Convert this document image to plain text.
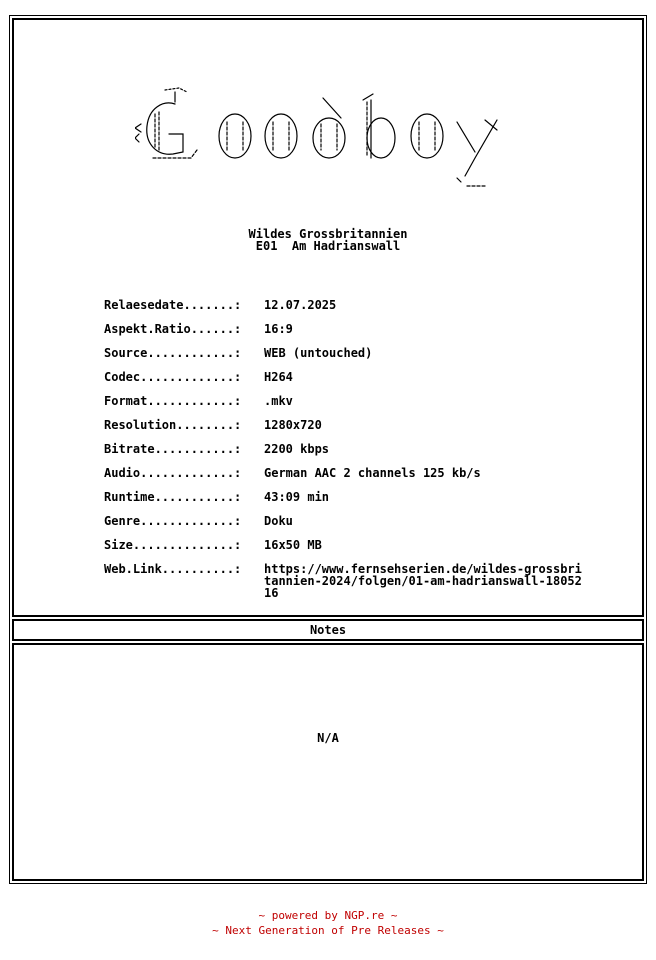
Wildes Grossbritannien
E01  Am Hadrianswall
Relaesedate.......:	12.07.2025
Aspekt.Ratio......:	16:9
Source............:	WEB (untouched)
Codec.............:	H264
Format............:	.mkv
Resolution........:	1280x720
Bitrate...........:	2200 kbps
Audio.............:	German AAC 2 channels 125 kb/s
Runtime...........:	43:09 min
Genre.............:	Doku
Size..............:	16x50 MB
Web.Link..........:	https://www.fernsehserien.de/wildes-grossbritannien-2024/folgen/01-am-hadrianswall-1805216
Notes
N/A
~ powered by NGP.re ~
~ Next Generation of Pre Releases ~
